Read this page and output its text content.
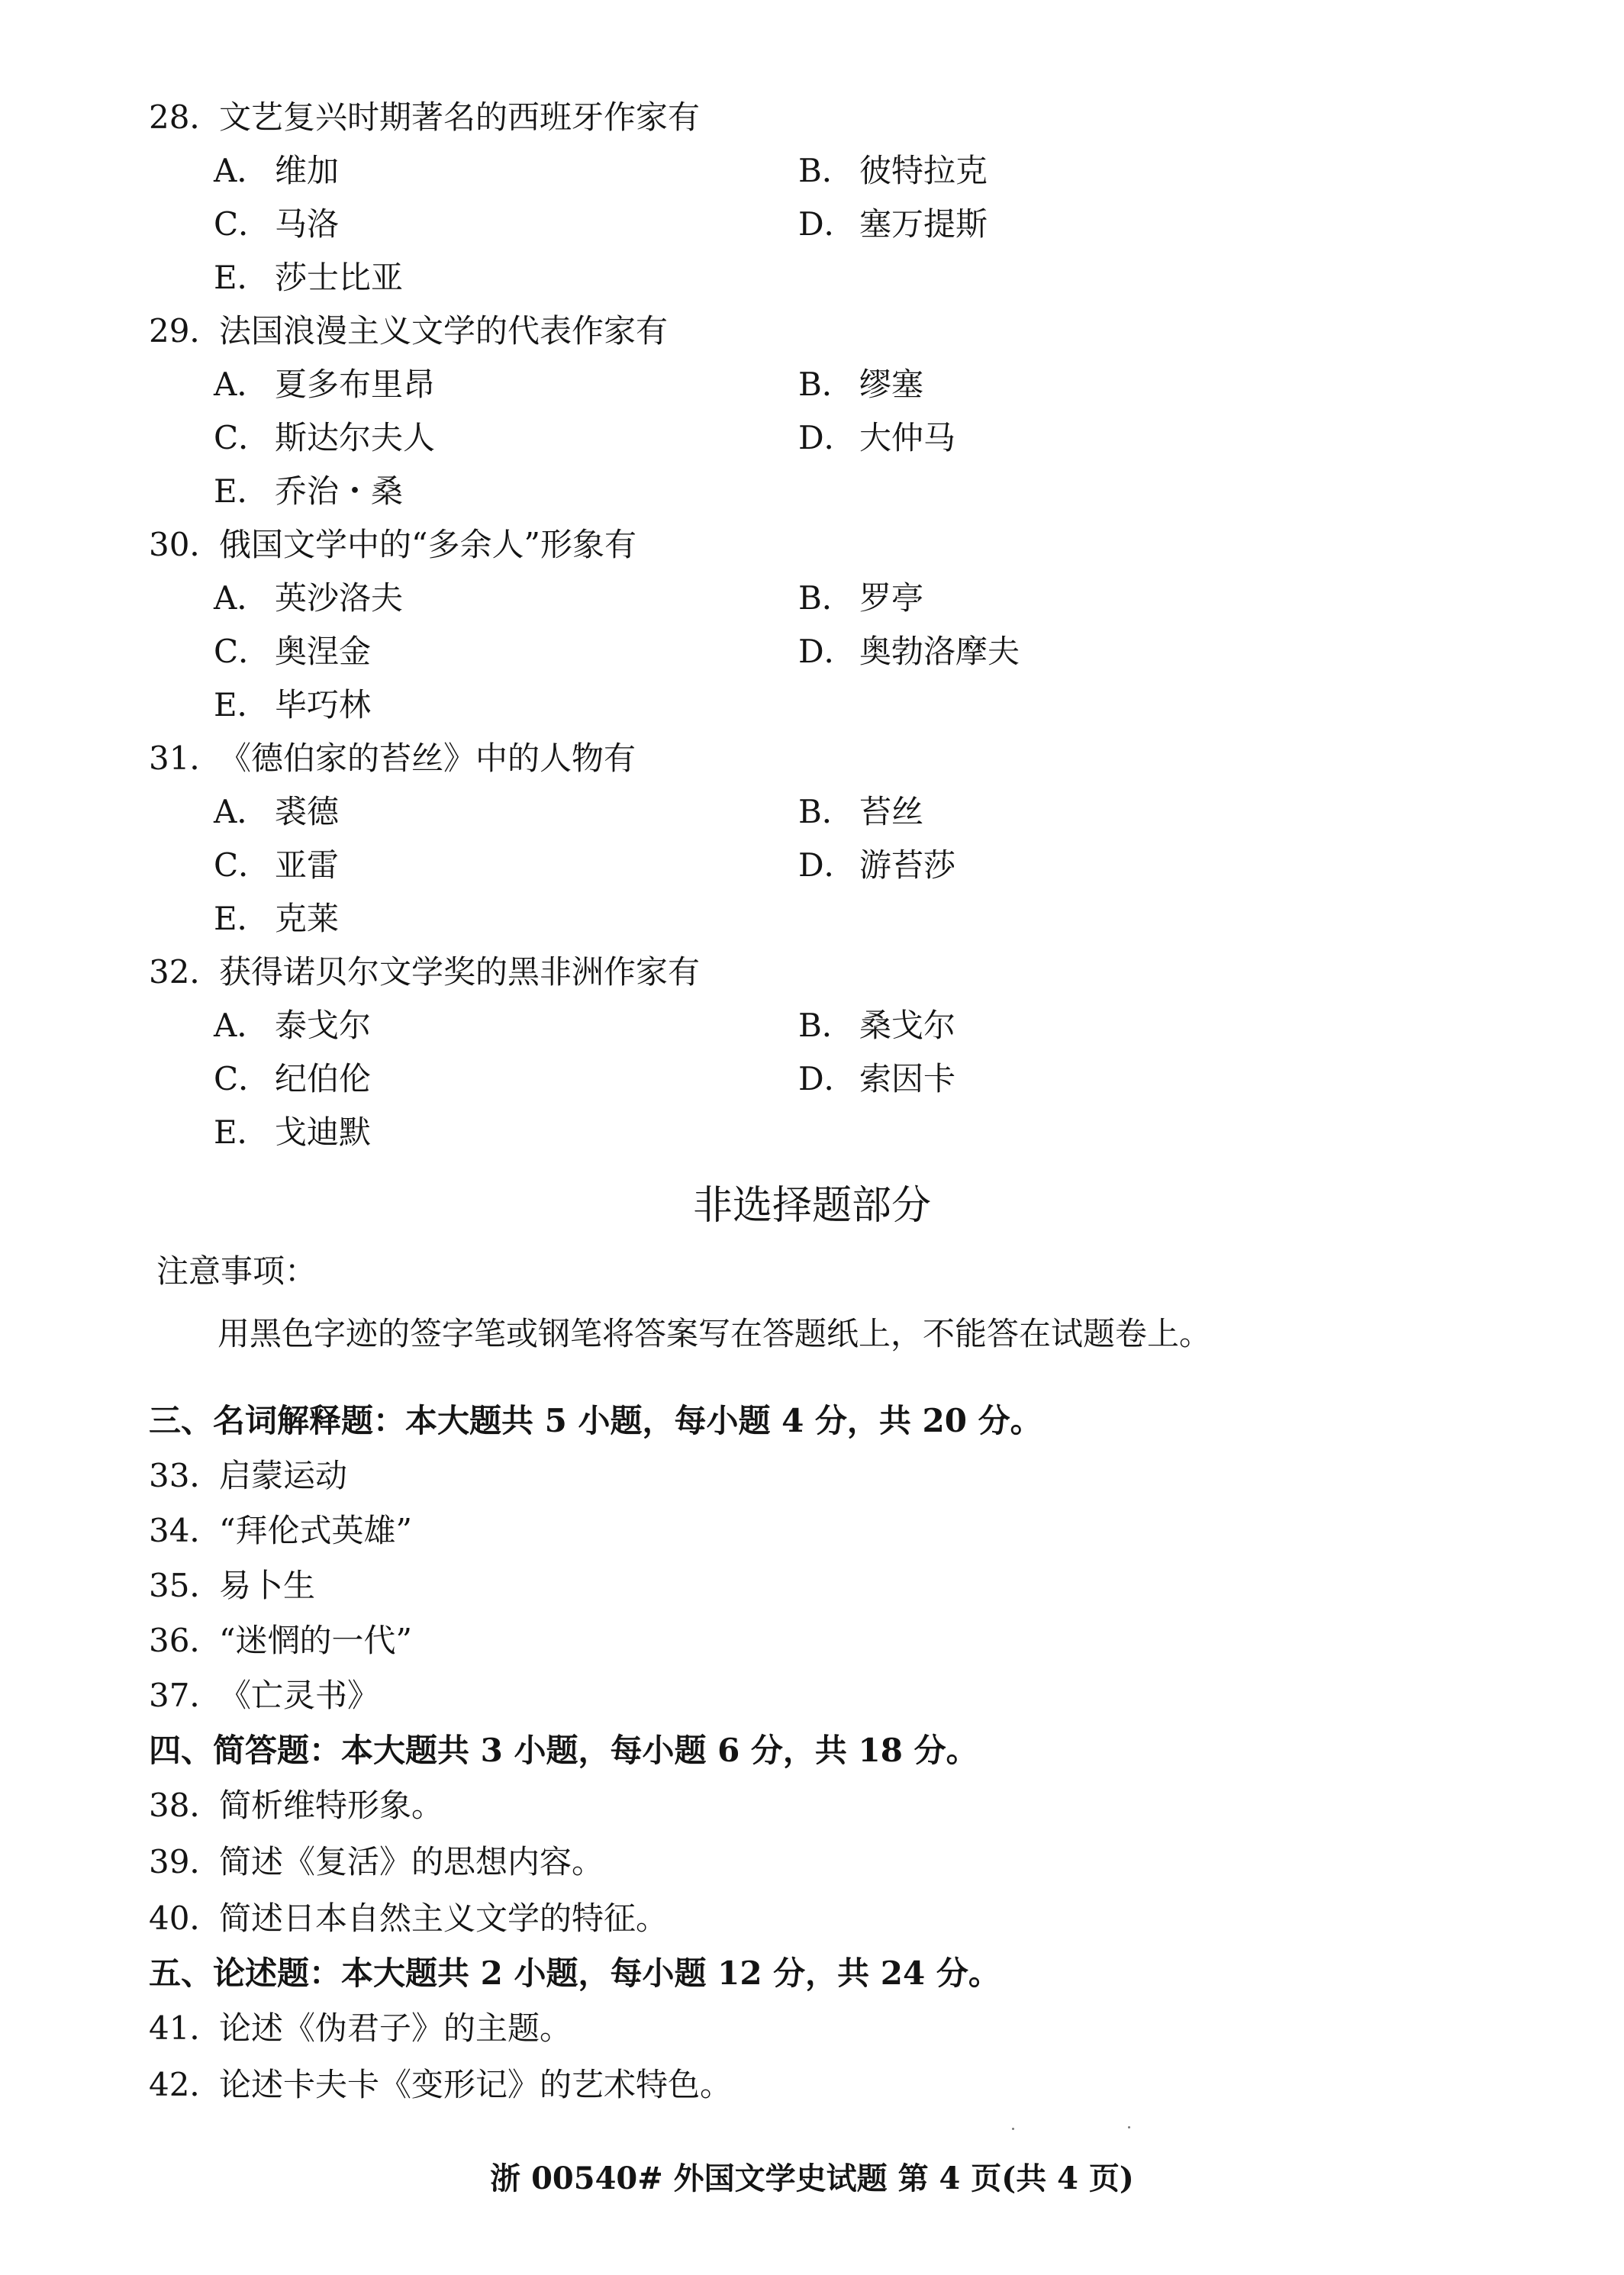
28．文艺复兴时期著名的西班牙作家有
A． 维加	B． 彼特拉克
C． 马洛	D． 塞万提斯
E． 莎士比亚
29．法国浪漫主义文学的代表作家有
A． 夏多布里昂	B． 缪塞
C． 斯达尔夫人	D． 大仲马
E． 乔治・桑
30．俄国文学中的“多余人”形象有
A． 英沙洛夫	B． 罗亭
C． 奥涅金	D． 奥勃洛摩夫
E． 毕巧林
31．《德伯家的苔丝》中的人物有
A． 裘德	B． 苔丝
C． 亚雷	D． 游苔莎
E． 克莱
32．获得诺贝尔文学奖的黑非洲作家有
A． 泰戈尔	B． 桑戈尔
C． 纪伯伦	D． 索因卡
E． 戈迪默
非选择题部分
注意事项：
用黑色字迹的签字笔或钢笔将答案写在答题纸上，不能答在试题卷上。
三、名词解释题：本大题共 5 小题，每小题 4 分，共 20 分。
33．启蒙运动
34．“拜伦式英雄”
35．易卜生
36．“迷惘的一代”
37．《亡灵书》
四、简答题：本大题共 3 小题，每小题 6 分，共 18 分。
38．简析维特形象。
39．简述《复活》的思想内容。
40．简述日本自然主义文学的特征。
五、论述题：本大题共 2 小题，每小题 12 分，共 24 分。
41．论述《伪君子》的主题。
42．论述卡夫卡《变形记》的艺术特色。
浙 00540# 外国文学史试题 第 4 页(共 4 页)
